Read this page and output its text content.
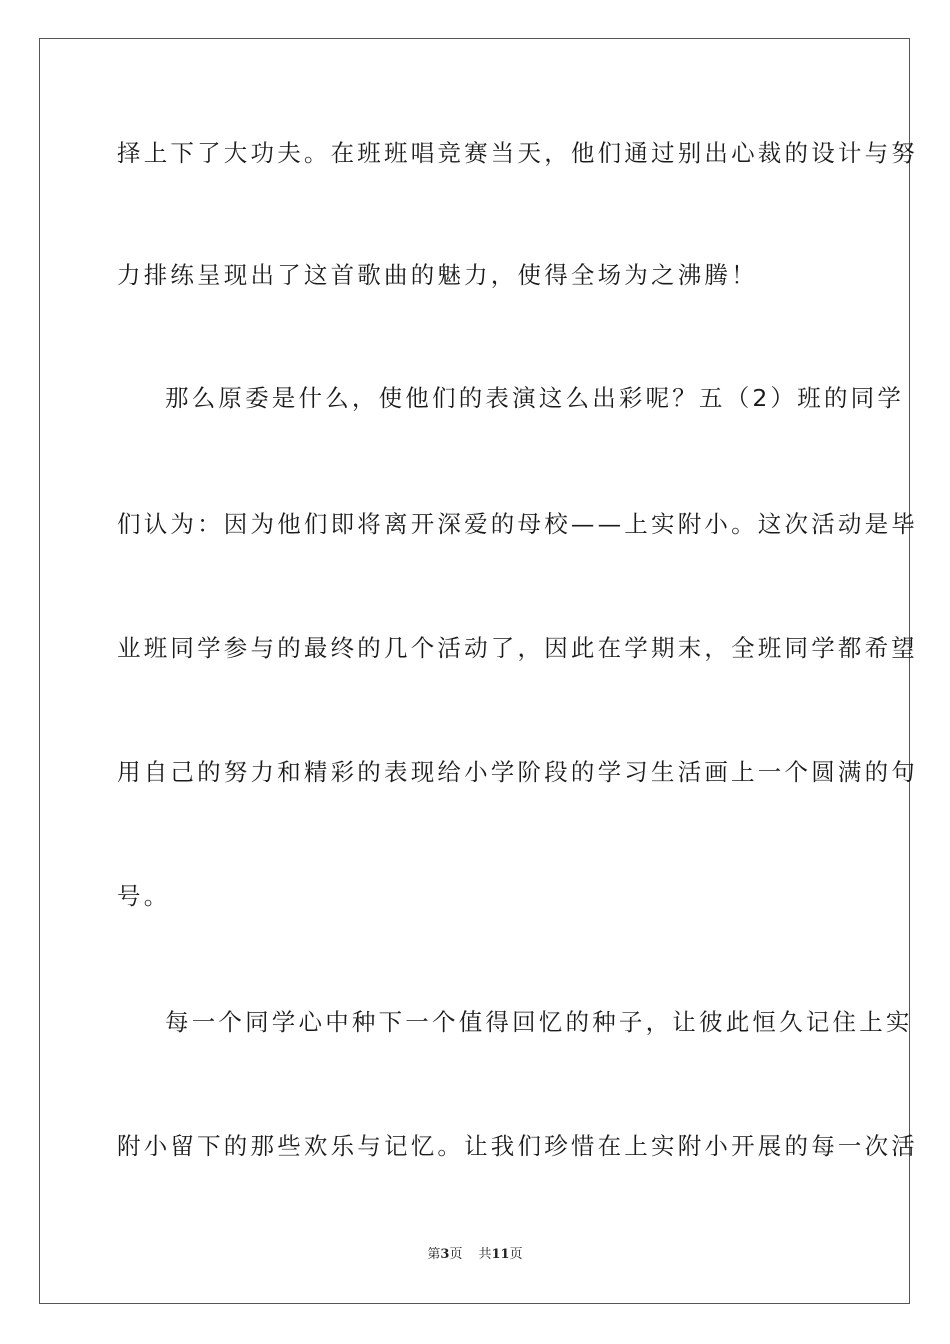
择上下了大功夫。在班班唱竞赛当天，他们通过别出心裁的设计与努
力排练呈现出了这首歌曲的魅力，使得全场为之沸腾！
那么原委是什么，使他们的表演这么出彩呢？五（2）班的同学
们认为：因为他们即将离开深爱的母校——上实附小。这次活动是毕
业班同学参与的最终的几个活动了，因此在学期末，全班同学都希望
用自己的努力和精彩的表现给小学阶段的学习生活画上一个圆满的句
号。
每一个同学心中种下一个值得回忆的种子，让彼此恒久记住上实
附小留下的那些欢乐与记忆。让我们珍惜在上实附小开展的每一次活
第3页 共11页
